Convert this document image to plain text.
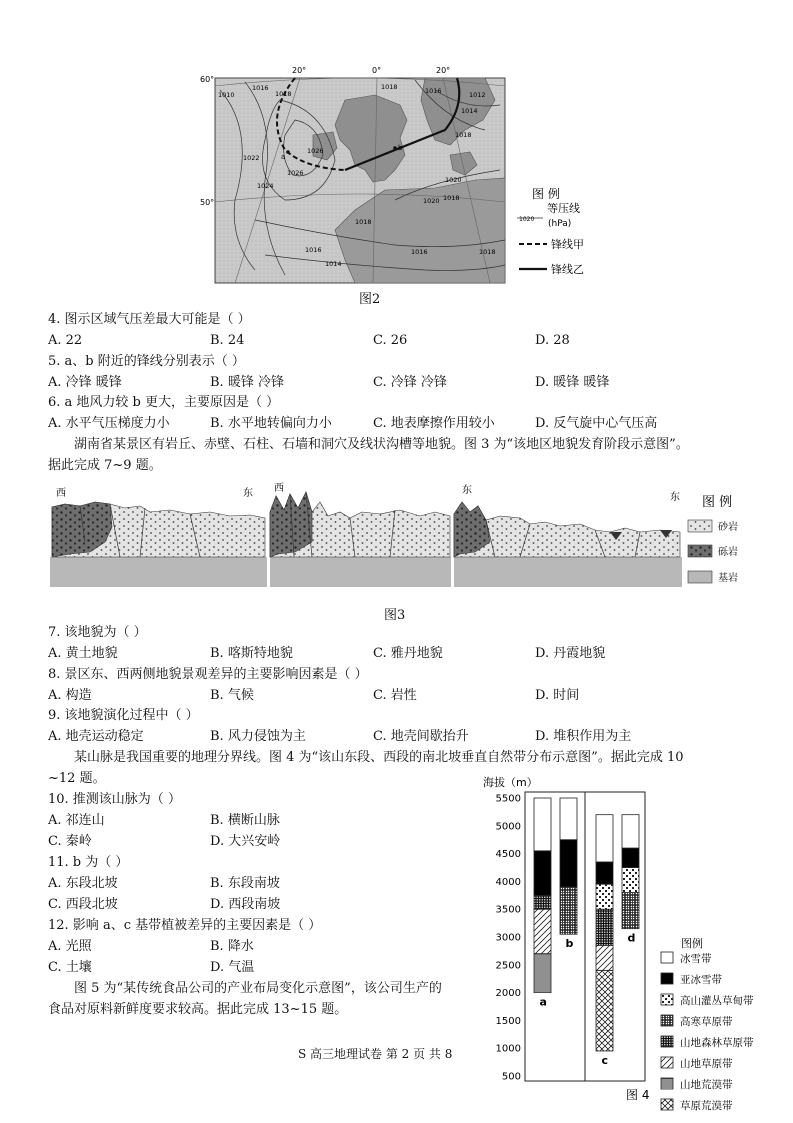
60°
50°
20°	0°	20°
1010
1016
1018
1018	1016	1012
1014
1018
1020
1022
1026
1024
1026
1020 1018
1016
1014
1016	1018
1018
a
b
图 例
1020
等压线
(hPa)
锋线甲
锋线乙
图2
4. 图示区域气压差最大可能是（ ）
A. 22	B. 24	C. 26	D. 28
5. a、b 附近的锋线分别表示（ ）
A. 冷锋 暖锋	B. 暖锋 冷锋	C. 冷锋 冷锋	D. 暖锋 暖锋
6. a 地风力较 b 更大，主要原因是（ ）
A. 水平气压梯度力小	B. 水平地转偏向力小	C. 地表摩擦作用较小	D. 反气旋中心气压高
湖南省某景区有岩丘、赤壁、石柱、石墙和洞穴及线状沟槽等地貌。图 3 为“该地区地貌发育阶段示意图”。
据此完成 7~9 题。
西	东 西	东
东 图 例
砂岩
砾岩
基岩
图3
7. 该地貌为（ ）
A. 黄土地貌	B. 喀斯特地貌	C. 雅丹地貌	D. 丹霞地貌
8. 景区东、西两侧地貌景观差异的主要影响因素是（ ）
A. 构造	B. 气候	C. 岩性	D. 时间
9. 该地貌演化过程中（ ）
A. 地壳运动稳定	B. 风力侵蚀为主	C. 地壳间歇抬升	D. 堆积作用为主
某山脉是我国重要的地理分界线。图 4 为“该山东段、西段的南北坡垂直自然带分布示意图”。据此完成 10
~12 题。
10. 推测该山脉为（ ）
A. 祁连山	B. 横断山脉
C. 秦岭	D. 大兴安岭
11. b 为（ ）
A. 东段北坡	B. 东段南坡
C. 西段北坡	D. 西段南坡
12. 影响 a、c 基带植被差异的主要因素是（ ）
A. 光照	B. 降水
C. 土壤	D. 气温
图 5 为“某传统食品公司的产业布局变化示意图”，该公司生产的
食品对原料新鲜度要求较高。据此完成 13~15 题。
S 高三地理试卷 第 2 页 共 8
海拔（m）
500
1000
1500
2000
2500
3000
3500
4000
4500
5000
5500
a
b
c
d	图例
冰雪带
亚冰雪带
高山灌丛草甸带
高寒草原带
山地森林草原带
山地草原带
山地荒漠带
草原荒漠带
图 4
